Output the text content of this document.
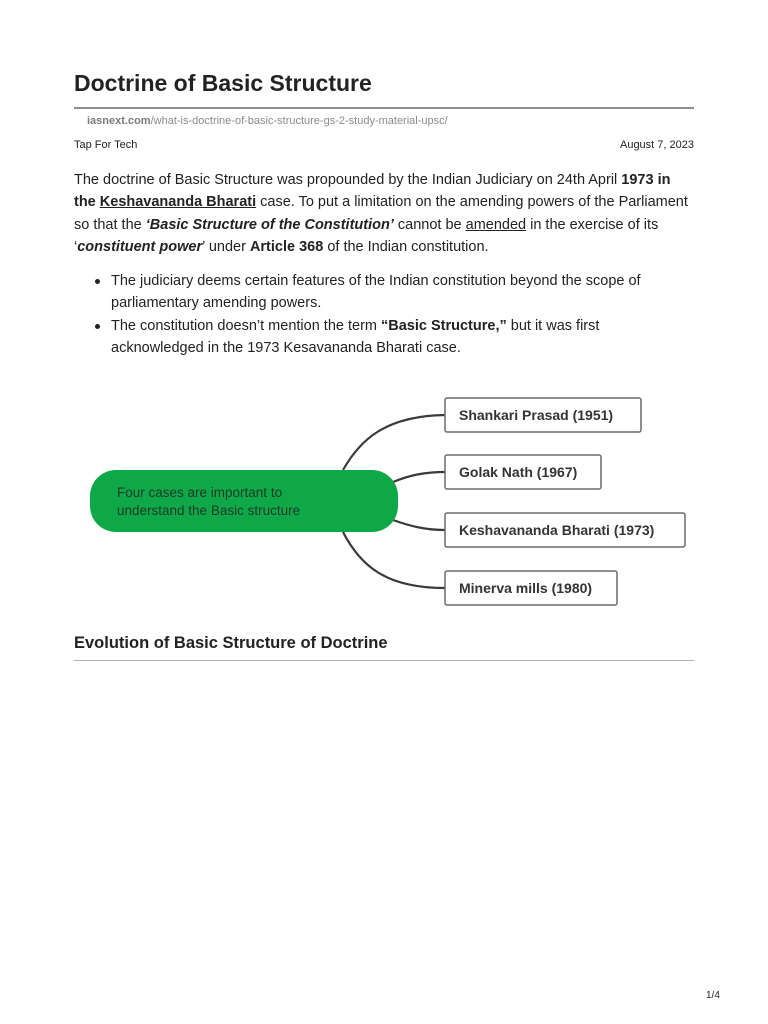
Doctrine of Basic Structure
iasnext.com/what-is-doctrine-of-basic-structure-gs-2-study-material-upsc/
Tap For Tech	August 7, 2023

The doctrine of Basic Structure was propounded by the Indian Judiciary on 24th April 1973 in the Keshavananda Bharati case. To put a limitation on the amending powers of the Parliament so that the ‘Basic Structure of the Constitution’ cannot be amended in the exercise of its ‘constituent power’ under Article 368 of the Indian constitution.

The judiciary deems certain features of the Indian constitution beyond the scope of parliamentary amending powers.
The constitution doesn’t mention the term “Basic Structure,” but it was first acknowledged in the 1973 Kesavananda Bharati case.
Four cases are important to
understand the Basic structure
Shankari Prasad (1951)
Golak Nath (1967)
Keshavananda Bharati (1973)
Minerva mills (1980)
Evolution of Basic Structure of Doctrine
1/4
